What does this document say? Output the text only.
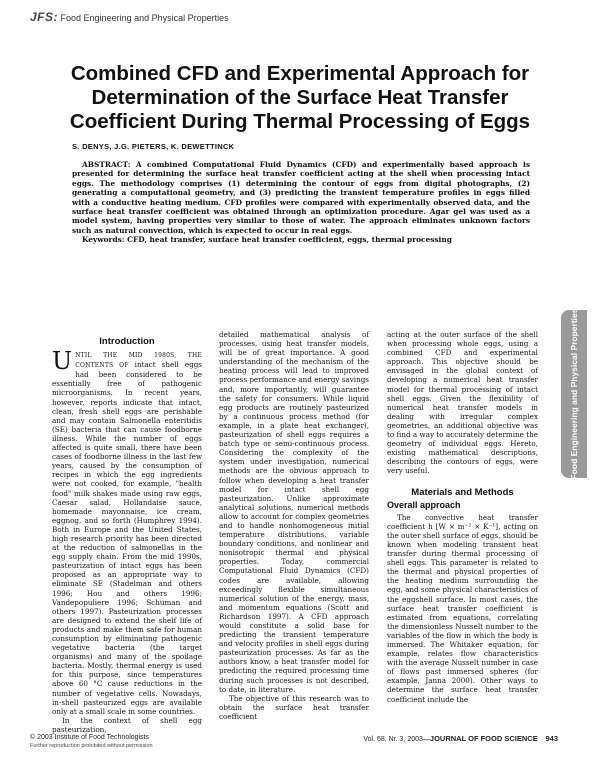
JFS: Food Engineering and Physical Properties
Combined CFD and Experimental Approach for Determination of the Surface Heat Transfer Coefficient During Thermal Processing of Eggs
S. DENYS, J.G. PIETERS, K. DEWETTINCK

ABSTRACT: A combined Computational Fluid Dynamics (CFD) and experimentally based approach is presented for determining the surface heat transfer coefficient acting at the shell when processing intact eggs. The methodology comprises (1) determining the contour of eggs from digital photographs, (2) generating a computational geometry, and (3) predicting the transient temperature profiles in eggs filled with a conductive heating medium. CFD profiles were compared with experimentally observed data, and the surface heat transfer coefficient was obtained through an optimization procedure. Agar gel was used as a model system, having properties very similar to those of water. The approach eliminates unknown factors such as natural convection, which is expected to occur in real eggs.

Keywords: CFD, heat transfer, surface heat transfer coefficient, eggs, thermal processing

Introduction

UNTIL THE MID 1980S, THE CONTENTS OF intact shell eggs had been considered to be essentially free of pathogenic microorganisms. In recent years, however, reports indicate that intact, clean, fresh shell eggs are perishable and may contain Salmonella enteritidis (SE) bacteria that can cause foodborne illness. While the number of eggs affected is quite small, there have been cases of foodborne illness in the last few years, caused by the consumption of recipes in which the egg ingredients were not cooked, for example, "health food" milk shakes made using raw eggs, Caesar salad, Hollandaise sauce, homemade mayonnaise, ice cream, eggnog, and so forth (Humphrey 1994). Both in Europe and the United States, high research priority has been directed at the reduction of salmonellas in the egg supply chain. From the mid 1990s, pasteurization of intact eggs has been proposed as an appropriate way to eliminate SE (Stadelman and others 1996; Hou and others 1996; Vandepopuliere 1996; Schuman and others 1997). Pasteurization processes are designed to extend the shelf life of products and make them safe for human consumption by eliminating pathogenic vegetative bacteria (the target organisms) and many of the spoilage bacteria. Mostly, thermal energy is used for this purpose, since temperatures above 60 °C cause reductions in the number of vegetative cells. Nowadays, in-shell pasteurized eggs are available only at a small scale in some countries.

In the context of shell egg pasteurization,

detailed mathematical analysis of processes, using heat transfer models, will be of great importance. A good understanding of the mechanism of the heating process will lead to improved process performance and energy savings and, more importantly, will guarantee the safety for consumers. While liquid egg products are routinely pasteurized by a continuous process method (for example, in a plate heat exchanger), pasteurization of shell eggs requires a batch type or semi-continuous process. Considering the complexity of the system under investigation, numerical methods are the obvious approach to follow when developing a heat transfer model for intact shell egg pasteurization. Unlike approximate analytical solutions, numerical methods allow to account for complex geometries and to handle nonhomogeneous initial temperature distributions, variable boundary conditions, and nonlinear and nonisotropic thermal and physical properties. Today, commercial Computational Fluid Dynamics (CFD) codes are available, allowing exceedingly flexible simultaneous numerical solution of the energy, mass, and momentum equations (Scott and Richardson 1997). A CFD approach would constitute a solid base for predicting the transient temperature and velocity profiles in shell eggs during pasteurization processes. As far as the authors know, a heat transfer model for predicting the required processing time during such processes is not described, to date, in literature.

The objective of this research was to obtain the surface heat transfer coefficient

acting at the outer surface of the shell when processing whole eggs, using a combined CFD and experimental approach. This objective should be envisaged in the global context of developing a numerical heat transfer model for thermal processing of intact shell eggs. Given the flexibility of numerical heat transfer models in dealing with irregular complex geometries, an additional objective was to find a way to accurately determine the geometry of individual eggs. Hereto, existing mathematical descriptions, describing the contours of eggs, were very useful.

Materials and Methods
Overall approach

The convective heat transfer coefficient h [W × m⁻² × K⁻¹], acting on the outer shell surface of eggs, should be known when modeling transient heat transfer during thermal processing of shell eggs. This parameter is related to the thermal and physical properties of the heating medium surrounding the egg, and some physical characteristics of the eggshell surface. In most cases, the surface heat transfer coefficient is estimated from equations, correlating the dimensionless Nusselt number to the variables of the flow in which the body is immersed. The Whitaker equation, for example, relates flow characteristics with the average Nusselt number in case of flows past immersed spheres (for example, Janna 2000). Other ways to determine the surface heat transfer coefficient include the

Food Engineering and Physical Properties
© 2003 Institute of Food Technologists
Further reproduction prohibited without permission
Vol. 68, Nr. 3, 2003—JOURNAL OF FOOD SCIENCE 943
